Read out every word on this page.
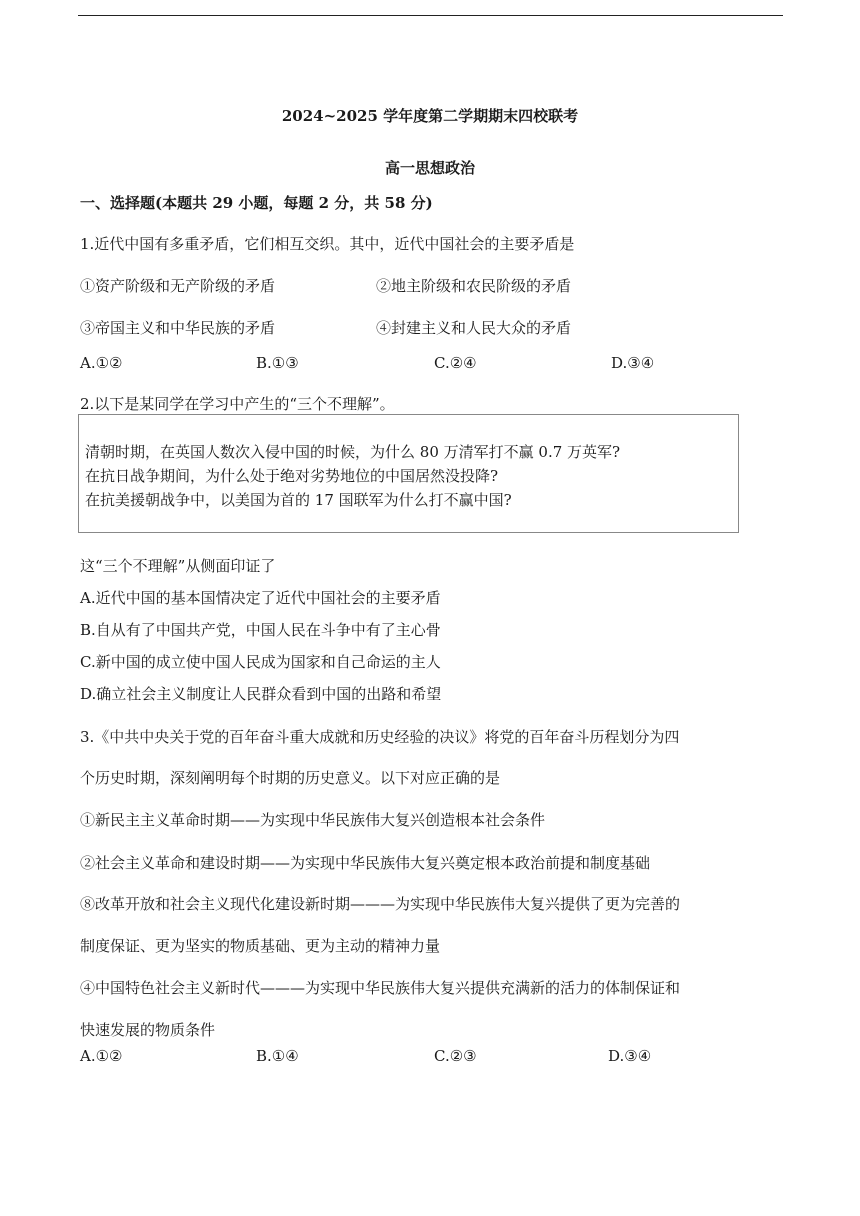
2024~2025 学年度第二学期期末四校联考
高一思想政治
一、选择题(本题共 29 小题，每题 2 分，共 58 分)
1.近代中国有多重矛盾，它们相互交织。其中，近代中国社会的主要矛盾是
①资产阶级和无产阶级的矛盾	②地主阶级和农民阶级的矛盾
③帝国主义和中华民族的矛盾	④封建主义和人民大众的矛盾
A.①②	B.①③	C.②④	D.③④
2.以下是某同学在学习中产生的“三个不理解”。
清朝时期，在英国人数次入侵中国的时候，为什么 80 万清军打不赢 0.7 万英军?
在抗日战争期间，为什么处于绝对劣势地位的中国居然没投降?
在抗美援朝战争中，以美国为首的 17 国联军为什么打不赢中国?
这“三个不理解”从侧面印证了
A.近代中国的基本国情决定了近代中国社会的主要矛盾
B.自从有了中国共产党，中国人民在斗争中有了主心骨
C.新中国的成立使中国人民成为国家和自己命运的主人
D.确立社会主义制度让人民群众看到中国的出路和希望
3.《中共中央关于党的百年奋斗重大成就和历史经验的决议》将党的百年奋斗历程划分为四
个历史时期，深刻阐明每个时期的历史意义。以下对应正确的是
①新民主主义革命时期——为实现中华民族伟大复兴创造根本社会条件
②社会主义革命和建设时期——为实现中华民族伟大复兴奠定根本政治前提和制度基础
⑧改革开放和社会主义现代化建设新时期———为实现中华民族伟大复兴提供了更为完善的
制度保证、更为坚实的物质基础、更为主动的精神力量
④中国特色社会主义新时代———为实现中华民族伟大复兴提供充满新的活力的体制保证和
快速发展的物质条件
A.①②	B.①④	C.②③	D.③④
